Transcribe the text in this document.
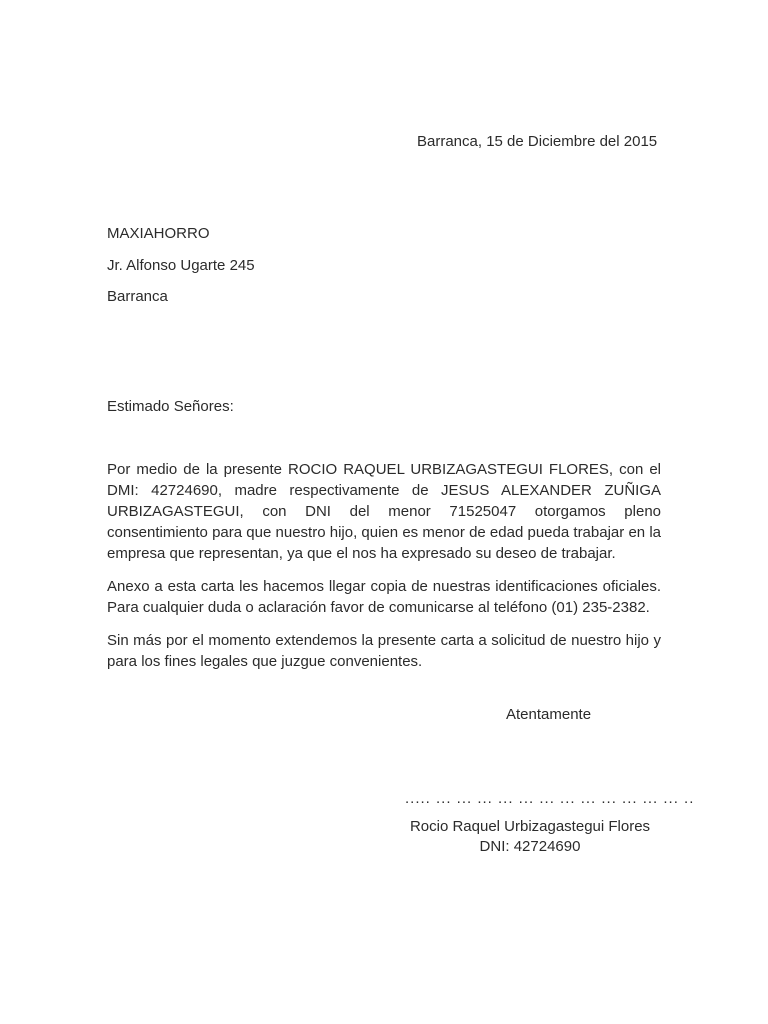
Barranca, 15 de Diciembre del 2015
MAXIAHORRO
Jr. Alfonso Ugarte 245
Barranca
Estimado Señores:

Por medio de la presente ROCIO RAQUEL URBIZAGASTEGUI FLORES, con el DMI: 42724690, madre respectivamente de JESUS ALEXANDER ZUÑIGA URBIZAGASTEGUI, con DNI del menor 71525047 otorgamos pleno consentimiento para que nuestro hijo, quien es menor de edad pueda trabajar en la empresa que representan, ya que el nos ha expresado su deseo de trabajar.

Anexo a esta carta les hacemos llegar copia de nuestras identificaciones oficiales. Para cualquier duda o aclaración favor de comunicarse al teléfono (01) 235-2382.

Sin más por el momento extendemos la presente carta a solicitud de nuestro hijo y para los fines legales que juzgue convenientes.

Atentamente
..... ... ... ... ... ... ... ... ... ... ... ... ... ..
Rocio Raquel Urbizagastegui Flores
DNI: 42724690
